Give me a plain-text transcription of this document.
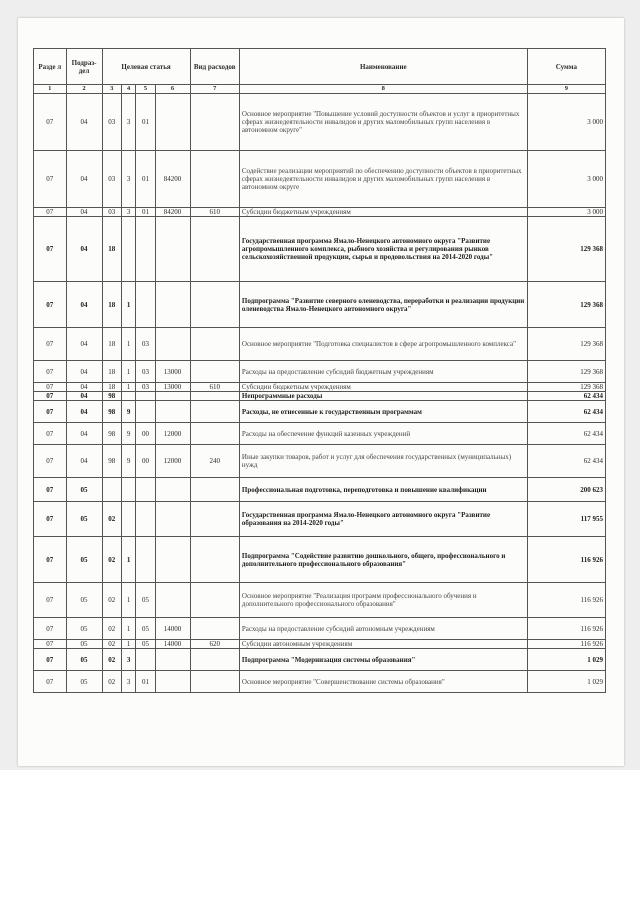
Разде л	Подраз- дел	Целевая статья				Вид расходов	Наименование	Сумма
1	2	3	4	5	6	7	8	9
07	04	03	3	01			Основное мероприятие "Повышение условий доступности объектов и услуг в приоритетных сферах жизнедеятельности инвалидов и других маломобильных групп населения в автономном округе"	3 000
07	04	03	3	01	84200		Содействие реализации мероприятий по обеспечению доступности объектов в приоритетных сферах жизнедеятельности инвалидов и других маломобильных групп населения в автономном округе	3 000
07	04	03	3	01	84200	610	Субсидии бюджетным учреждениям	3 000
07	04	18					Государственная программа Ямало-Ненецкого автономного округа "Развитие агропромышленного комплекса, рыбного хозяйства и регулирования рынков сельскохозяйственной продукции, сырья и продовольствия на 2014-2020 годы"	129 368
07	04	18	1				Подпрограмма "Развитие северного оленеводства, переработки и реализации продукции оленеводства Ямало-Ненецкого автономного округа"	129 368
07	04	18	1	03			Основное мероприятие "Подготовка специалистов в сфере агропромышленного комплекса"	129 368
07	04	18	1	03	13000		Расходы на предоставление субсидий бюджетным учреждениям	129 368
07	04	18	1	03	13000	610	Субсидии бюджетным учреждениям	129 368
07	04	98					Непрограммные расходы	62 434
07	04	98	9				Расходы, не отнесенные к государственным программам	62 434
07	04	98	9	00	12000		Расходы на обеспечение функций казенных учреждений	62 434
07	04	98	9	00	12000	240	Иные закупки товаров, работ и услуг для обеспечения государственных (муниципальных) нужд	62 434
07	05						Профессиональная подготовка, переподготовка и повышение квалификации	200 623
07	05	02					Государственная программа Ямало-Ненецкого автономного округа "Развитие образования на 2014-2020 годы"	117 955
07	05	02	1				Подпрограмма "Содействие развитию дошкольного, общего, профессионального и дополнительного профессионального образования"	116 926
07	05	02	1	05			Основное мероприятие "Реализация программ профессионального обучения и дополнительного профессионального образования"	116 926
07	05	02	1	05	14000		Расходы на предоставление субсидий автономным учреждениям	116 926
07	05	02	1	05	14000	620	Субсидии автономным учреждениям	116 926
07	05	02	3				Подпрограмма "Модернизация системы образования"	1 029
07	05	02	3	01			Основное мероприятие "Совершенствование системы образования"	1 029
